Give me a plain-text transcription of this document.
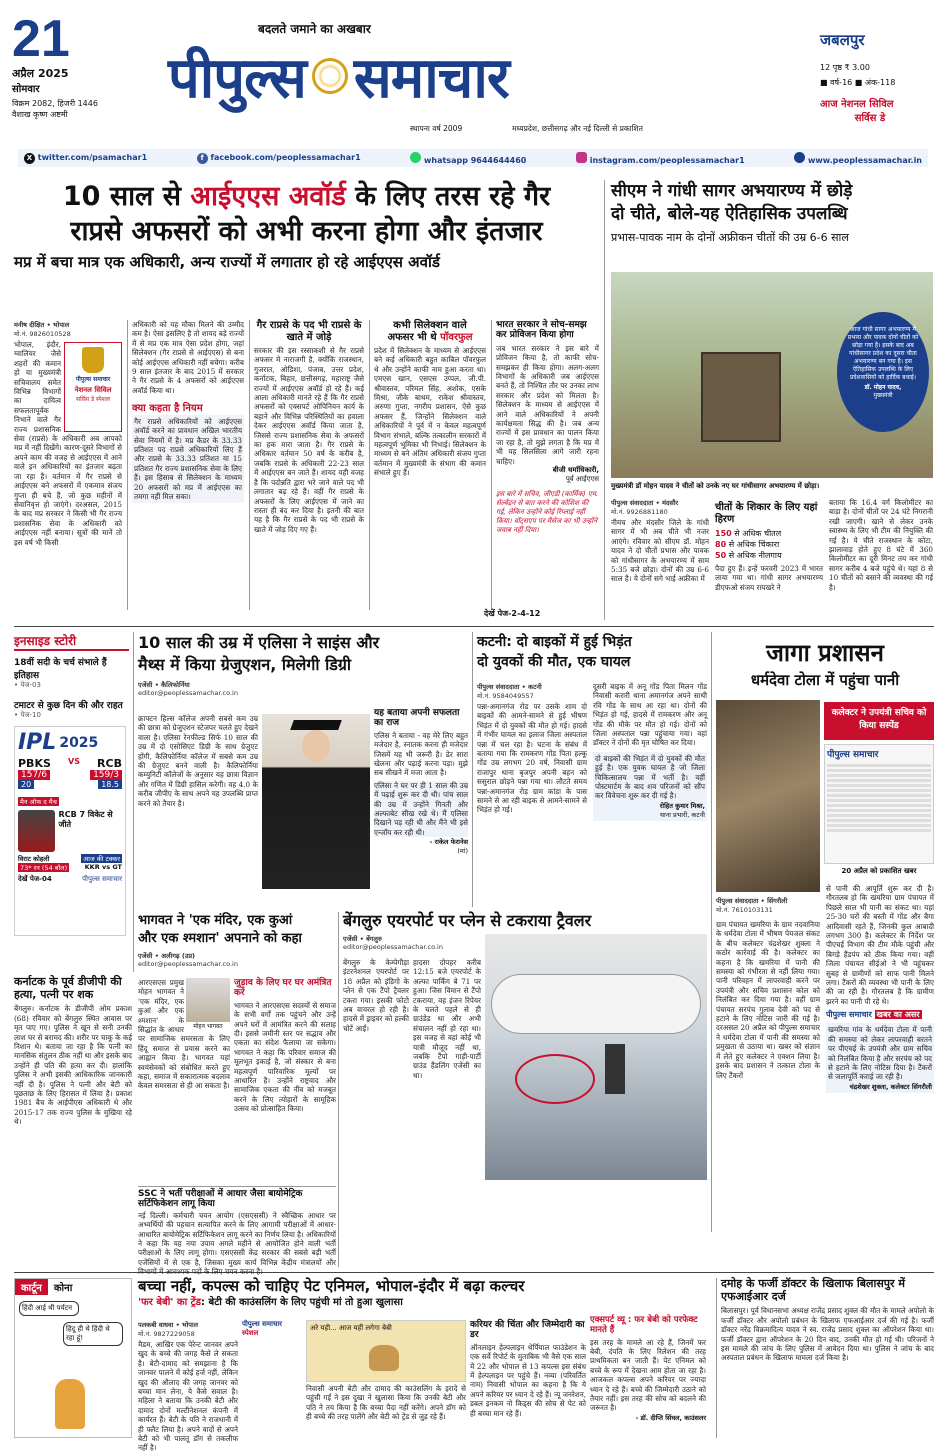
21
अप्रैल 2025
सोमवार
विक्रम 2082, हिजरी 1446
वैशाख कृष्ण अष्टमी
बदलते जमाने का अखबार
पीपुल्स समाचार
स्थापना वर्ष 2009	मध्यप्रदेश, छत्तीसगढ़ और नई दिल्ली से प्रकाशित
जबलपुर
12 पृष्ठ ₹ 3.00
■ वर्ष-16 ■ अंक-118
आज नेशनल सिविल
सर्विस डे
X twitter.com/psamachar1	f facebook.com/peoplessamachar1	whatsapp 9644644460	instagram.com/peoplessamachar1	www.peoplessamachar.in
10 साल से आईएएस अवॉर्ड के लिए तरस रहे गैर
राप्रसे अफसरों को अभी करना होगा और इंतजार
मप्र में बचा मात्र एक अधिकारी, अन्य राज्यों में लगातार हो रहे आईएएस अवॉर्ड
मनीष दीक्षित • भोपाल
मो.नं. 9826010528
पीपुल्स समाचार
नेशनल सिविल
सर्विस डे स्पेशल
भोपाल, इंदौर, ग्वालियर जैसे शहरों की कमान हो या मुख्यमंत्री सचिवालय समेत विभिन्न विभागों का दायित्व सफलतापूर्वक निभाने वाले गैर राज्य प्रशासनिक सेवा (राप्रसे) के अधिकारी अब आपको मप्र में नहीं दिखेंगे। कारण-दूसरे विभागों से अपने काम की वजह से आईएएस में आने वाले इन अधिकारियों का इंतजार बढ़ता जा रहा है। वर्तमान में गैर राप्रसे से आईएएस बने अफसरों में एकमात्र संजय गुप्ता ही बचे हैं, जो कुछ महीनों में सेवानिवृत्त हो जाएंगे। दरअसल, 2015 के बाद मप्र सरकार ने किसी भी गैर राज्य प्रशासनिक सेवा के अधिकारी को आईएएस नहीं बनाया। सूत्रों की मानें तो इस वर्ष भी किसी
अधिकारी को यह मौका मिलने की उम्मीद कम है। ऐसा इसलिए है तो शायद बड़े राज्यों में से मप्र एक मात्र ऐसा प्रदेश होगा, जहां सिलेक्शन (गैर राप्रसे से आईएएस) से बना कोई आईएएस अधिकारी नहीं बचेगा। करीब 9 साल इंतजार के बाद 2015 में सरकार ने गैर राप्रसे के 4 अफसरों को आईएएस अवॉर्ड किया था।
क्या कहता है नियम
गैर राप्रसे अधिकारियों को आईएएस अवॉर्ड करने का प्रावधान अखिल भारतीय सेवा नियमों में है। मप्र कैडर के 33.33 प्रतिशत पद राप्रसे अधिकारियों लिए हैं और राप्रसे के 33.33 प्रतिशत या 15 प्रतिशत गैर राज्य प्रशासनिक सेवा के लिए हैं। इस हिसाब से सिलेक्शन के माध्यम 20 अफसरों को मप्र में आईएएस का तमगा नहीं मिल सका।
गैर राप्रसे के पद भी राप्रसे के खाते में जोड़े
सरकार की इस रस्साकशी से गैर राप्रसे अफसर मे नाराजगी है, क्योंकि राजस्थान, गुजरात, ओडिशा, पंजाब, उत्तर प्रदेश, कर्नाटक, बिहार, छत्तीसगढ़, महाराष्ट्र जैसे राज्यों में आईएएस अवॉर्ड हो रहे हैं। कई आला अधिकारी मानते रहे हैं कि गैर राप्रसे अफसरों को एक्सपर्ट ओपिनियन कार्य के बहाने और विभिन्न परिस्थितियों का हवाला देकर आईएएस अवॉर्ड किया जाता है, जिससे राज्य प्रशासनिक सेवा के अफसरों का हक मारा जाता है। गैर राप्रसे के अधिकार वर्तमान 50 वर्ष के करीब है, जबकि राप्रसे के अधिकारी 22-23 साल में आईएएस बन जाते हैं। शायद यही वजह है कि पदोन्नति द्वारा भरे जाने वाले पद भी लगातार बढ़ रहे हैं। वहीं गैर राप्रसे के अफसरों के लिए आईएएस में जाने का रास्ता ही बंद कर दिया है। इतनी की बात यह है कि गैर राप्रसे के पद भी राप्रसे के खाते में जोड़ दिए गए हैं।
कभी सिलेक्शन वाले
अफसर भी थे पॉवरफुल
प्रदेश में सिलेक्शन के माध्यम से आईएएस बने कई अधिकारी बहुत काबिल पॉवरफुल थे और उन्होंने काफी नाम हुआ करता था। एमएस खान, एसएस उप्पल, जी.पी. श्रीवास्तव, परिमल सिंह, अशोक, एसके मिश्रा, जीके बाथम, राकेश श्रीवास्तव, अरुणा गुप्ता, नगरीय प्रशासन, ऐसे कुछ अफसर हैं, जिन्होंने सिलेक्शन वाले अधिकारियों ने पूर्व में न केवल महत्वपूर्ण विभाग संभाले, बल्कि तत्कालीन सरकारों में महत्वपूर्ण भूमिका भी निभाई। सिलेक्शन के माध्यम से बने अंतिम अधिकारी संजय गुप्ता वर्तमान में मुख्यमंत्री के संभाग की कमान संभाले हुए हैं।
भारत सरकार ने सोच-समझ कर प्रोविजन किया होगा
जब भारत सरकार ने इस बारे में प्रोविजन किया है, तो काफी सोच-समझकर ही किया होगा। अलग-अलग विभागों के अधिकारी जब आईएएस बनते हैं, तो निश्चित तौर पर उनका लाभ सरकार और प्रदेश को मिलता है। सिलेक्शन के माध्यम से आईएएस में आने वाले अधिकारियों ने अपनी कार्यक्षमता सिद्ध की है। जब अन्य राज्यों में इस प्रावधान का पालन किया जा रहा है, तो मुझे लगता है कि मप्र में भी यह सिलसिला आगे जारी रहना चाहिए।
बीजी धर्माधिकारी,
पूर्व आईएएस
इस बारे में सचिव, जीएडी (कार्मिक) एम. सेल्वेंद्रन से बात करने की कोशिश की गई, लेकिन उन्होंने कोई रिप्लाई नहीं किया। वॉट्सएप पर मैसेज का भी उन्होंने जवाब नहीं दिया।
देखें पेज-2-4-12
सीएम ने गांधी सागर अभयारण्य में छोड़े
दो चीते, बोले-यह ऐतिहासिक उपलब्धि
प्रभास-पावक नाम के दोनों अफ्रीकन चीतों की उम्र 6-6 साल
आज गांधी सागर अभयारण्य में प्रभास और पावक दोनों चीतों को छोड़ा गया है। इसके बाद अब गांधीसागर प्रदेश का दूसरा चीता अभयारण्य बन गया है। इस ऐतिहासिक उपलब्धि के लिए प्रदेशवासियों को हार्दिक बधाई।
डॉ. मोहन यादव,
मुख्यमंत्री
मुख्यमंत्री डॉ मोहन यादव ने चीतों को उनके नए घर गांधीसागर अभयारण्य में छोड़ा।
पीपुल्स संवाददाता • मंदसौर
मो.नं. 9926881180
नीमच और मंदसौर जिले के गांधी सागर में भी अब चीते भी नजर आएंगे। रविवार को सीएम डॉ. मोहन यादव ने दो चीतों प्रभास और पावक को गांधीसागर के अभयारण्य में साम 5:35 बजे छोड़ा। दोनों की उम्र 6-6 साल है। ये दोनों सगे भाई अफ्रीका में
चीतों के शिकार के लिए यहां हिरण
150 से अधिक चीतल
80 से अधिक चिंकारा
50 से अधिक नीलगाय
पैदा हुए हैं। इन्हें फरवरी 2023 में भारत लाया गया था। गांधी सागर अभयारण्य डीएफओ संजय रायखरे ने
बताया कि 16.4 वर्ग किलोमीटर का बाड़ा है। दोनों चीतों पर 24 घंटे निगरानी रखी जाएगी। खाने से लेकर उनके स्वास्थ्य के लिए भी टीम की नियुक्ति की गई है। ये चीते राजस्थान के कोटा, झालावाड़ होते हुए 8 घंटे में 360 किलोमीटर का दूरी मिनट तय कर गांधी सागर करीब 4 बजे पहुंचे थे। यहां 8 से 10 चीतों को बसाने की व्यवस्था की गई है।
इनसाइड स्टोरी
18वीं सदी के चर्च संभाले हैं इतिहास
• पेज-03
टमाटर से कुछ दिन की और राहत
• पेज-10
IPL 2025
PBKS VS RCB
157/6	159/3
20	18.5
मैन ऑफ द मैच
RCB 7 विकेट से जीते
विराट कोहली	आज की टक्कर
73* रन (54 बॉल)	KKR vs GT
देखें पेज-04	पीपुल्स समाचार
10 साल की उम्र में एलिसा ने साइंस और
मैथ्स में किया ग्रेजुएशन, मिलेगी डिग्री
एजेंसी • कैलिफोर्निया
editor@peoplessamachar.co.in
क्राफ्टन हिल्स कॉलेज अपनी सबसे कम उम्र की छात्रा को ग्रेजुएशन स्टेजपर चलते हुए देखने वाला है। एलिसा रेनफील्ड सिर्फ 10 साल की उम्र में दो एसोसिएट डिग्री के साथ ग्रेजुएट होंगी, कैलिफोर्निया कॉलेज में सबसे कम उम्र की ग्रेजुएट बनने वाली है। कैलिफोर्निया कम्युनिटी कॉलेजों के अनुसार यह छात्रा विज्ञान और गणित में डिग्री हासिल करेगी। वह 4.0 के करीब जीपीए के साथ अपने यह उपलब्धि प्राप्त करने को तैयार है।
यह बताया अपनी सफलता का राज
एलिस ने बताया - वह मेरे लिए बहुत मजेदार है, स्नातक करना ही मजेदार जिसमें यह भी जरूरी है। ढेर सारा खेलना और पढ़ाई करना पड़ा। मुझे सब सीखने में मजा आता है।
एलिसा ने घर पर ही 1 साल की उम्र में पढ़ाई शुरू कर दी थी। पांच साल की उम्र में उन्होंने गिनती और अल्फाबेट सीख रखे थे। मैं एलिसा दिखाने पड़ रही थी और मैंने भी इसे एन्जॉय कर रही थी।
- राकेल फेरानेस
(मां)
कटनी: दो बाइकों में हुई भिड़ंत
दो युवकों की मौत, एक घायल
पीपुल्स संवाददाता • कटनी
मो.नं. 9584049557
पन्ना-अमानगंज रोड पर उसके शाम दो बाइकों की आमने-सामने से हुई भीषण भिड़ंत में दो युवकों की मौत हो गई। हादसे में गंभीर घायल का इलाज जिला अस्पताल पन्ना में चल रहा है। घटना के संबंध में बताया गया कि रामकरण गोंड पिता हल्कू गोंड उम्र लगभग 20 वर्ष, निवासी ग्राम राजापुर थाना बृजपुर अपनी बहन को ससुराल छोड़ने पन्ना गया था। लौटते समय पन्ना-अमानगंज रोड़ ग्राम कांडा के पास सामने से आ रही बाइक से आमने-सामने से भिड़ंत हो गई।
दूसरी बाइक में अनू गोंड पिता मिलन गोंड निवासी करारी थाना अमानगंज अपने साथी रवि गोंड के साथ आ रहा था। दोनों की भिड़ंत हो गई, हादसे में रामकरण और अनू गोंड की मौके पर मौत हो गई। दोनों को जिला अस्पताल पन्ना पहुंचाया गया। वहां डॉक्टर ने दोनों की मृत घोषित कर दिया।
दो बाइकों की भिड़ंत में दो युवकों की मौत हुई है। एक युवक घायल है जो जिला चिकित्सालय पन्ना में भर्ती है। वहीं पोस्टमार्टम के बाद शव परिजनों को सौंप कर विवेचना शुरू कर दी गई है।
रोहित कुमार मिश्रा,
थाना प्रभारी, कटनी
जागा प्रशासन
धर्मदेवा टोला में पहुंचा पानी
कलेक्टर ने उपयंत्री सचिव को किया सस्पेंड
पीपुल्स समाचार
20 अप्रैल को प्रकाशित खबर
पीपुल्स संवाददाता • सिंगरौली
मो.नं. 7610103131
ग्राम पंचायत खमरिया के ग्राम नदवानिया के धर्मदेवा टोला में भीषण पेयजल संकट के बीच कलेक्टर चंद्रशेखर शुक्ला ने कठोर कार्रवाई की है। कलेक्टर का कहना है कि खमरिया में पानी की समस्या को गंभीरता से नहीं लिया गया। पानी परिवहन में लापरवाही करने पर उपयंत्री और सचिव प्रशासन कोल को निलंबित कर दिया गया है। वहीं ग्राम पंचायत सरपंच गुलाब देवी को पद से हटाने के लिए नोटिस जारी की गई है। दरअसल 20 अप्रैल को पीपुल्स समाचार ने धर्मदेवा टोला में पानी की समस्या को प्रमुखता से उठाया था। खबर को संज्ञान में लेते हुए कलेक्टर ने एक्शन लिया है। इसके बाद प्रशासन ने तत्काल टोला के लिए टैंकरों
से पानी की आपूर्ति शुरू कर दी है। गौरतलब हो कि खमरिया ग्राम पंचायत में पिछले साल भी पानी का संकट था। यहां 25-30 घरों की बस्ती में गोंड और बैगा आदिवासी रहते हैं, जिनकी कुल आबादी लगभग 300 है। कलेक्टर के निर्देश पर पीएचई विभाग की टीम मौके पहुंची और बिगड़े हैंडपंप को ठीक किया गया। वहीं जिला पंचायत सीईओ ने भी पहुंचकर सुबह से ग्रामीणों को साफ पानी मिलने लगा। टैंकरों की व्यवस्था भी पानी के लिए की जा रही है। गौरतलब है कि ग्रामीण झरने का पानी पी रहे थे।
पीपुल्स समाचार खबर का असर
खमरिया गांव के धर्मदेवा टोला में पानी की समस्या को लेकर लापरवाही बरतने पर पीएचई के उपयंत्री और ग्राम सचिव को निलंबित किया है और सरपंच को पद से हटाने के लिए नोटिस दिया है। टैंकरों से जलापूर्ति कराई जा रही है।
चंद्रशेखर शुक्ला, कलेक्टर सिंगरौली
कर्नाटक के पूर्व डीजीपी की हत्या, पत्नी पर शक
बेंगलुरु। कर्नाटक के डीजीपी ओम प्रकाश (68) रविवार को बेंगलुरु स्थित आवास पर मृत पाए गए। पुलिस ने खून से सनी उनकी लाश घर से बरामद की। शरीर पर चाकू के कई निशान थे। बताया जा रहा है कि पत्नी का मानसिक संतुलन ठीक नहीं था और इसके बाद उन्होंने ही पति की हत्या कर दी। हालांकि पुलिस ने अभी इसकी आधिकारिक जानकारी नहीं दी है। पुलिस ने पत्नी और बेटी को पूछताछ के लिए हिरासत में लिया है। प्रकाश 1981 बैच के आईपीएस अधिकारी थे और 2015-17 तक राज्य पुलिस के मुखिया रहे थे।
भागवत ने 'एक मंदिर, एक कुआं
और एक श्मशान' अपनाने को कहा
एजेंसी • अलीगढ़ (उप्र)
editor@peoplessamachar.co.in
मोहन भागवत
आरएसएस प्रमुख मोहन भागवत ने 'एक मंदिर, एक कुआं और एक श्मशान' के सिद्धांत के आधार पर सामाजिक समरसता के लिए हिंदू समाज से प्रयास करने का आह्वान किया है। भागवत यहां स्वयंसेवकों को संबोधित करते हुए कहा, समाज में सकारात्मक बदलाव केवल समरसता से ही आ सकता है।
जुड़ाव के लिए घर घर अमंत्रित करें
भागवत ने आरएसएस सदस्यों से समाज के सभी वर्गों तक पहुंचने और उन्हें अपने घरों में आमंत्रित करने की सलाह दी। इससे जमीनी स्तर पर सद्भाव और एकता का संदेश फैलाया जा सकेगा। भागवत ने कहा कि परिवार समाज की मूलभूत इकाई है, जो संस्कार से बना महत्वपूर्ण पारिवारिक मूल्यों पर आधारित है। उन्होंने राष्ट्रवाद और सामाजिक एकता की नींव को मजबूत करने के लिए त्योहारों के सामूहिक उत्सव को प्रोत्साहित किया।
बेंगलुरु एयरपोर्ट पर प्लेन से टकराया ट्रैवलर
एजेंसी • बेंगलुरु
editor@peoplessamachar.co.in
बेंगलुरु के केम्पेगौड़ा इंटरनेशनल एयरपोर्ट पर 18 अप्रैल को इंडिगो के प्लेन से एक टैंपो ट्रैवलर टकरा गया। इसकी फोटो अब वायरल हो रही है। हादसे में ड्राइवर को हल्की चोटें आईं।
हादसा दोपहर करीब 12:15 बजे एयरपोर्ट के अल्फा पार्किंग बे 71 पर हुआ। जिस विमान से टैंपो टकराया, वह इंजन रिपेयर के चलते पहले से ही ग्राउंडेड था और अभी संचालन नहीं हो रहा था। इस वजह से वहां कोई भी यात्री मौजूद नहीं था, जबकि टैंपो गाड़ी-पार्टी ग्राउंड हैंडलिंग एजेंसी का था।
कार्टून	कोना
हिंदी आई थी पर्यटन
हिंदू ही थे हिंदी थे रहा हूं!
बच्चा नहीं, कपल्स को चाहिए पेट एनिमल, भोपाल-इंदौर में बढ़ा कल्चर
'फर बेबी' का ट्रेंड: बेटी की काउंसलिंग के लिए पहुंची मां तो हुआ खुलासा
दमोह के फर्जी डॉक्टर के खिलाफ बिलासपुर में एफआईआर दर्ज
बिलासपुर। पूर्व विधानसभा अध्यक्ष राजेंद्र प्रसाद शुक्ल की मौत के मामले अपोलो के फर्जी डॉक्टर और अपोलो प्रबंधन के खिलाफ एफआईआर दर्ज की गई है। फर्जी डॉक्टर नरेंद्र विक्रमादित्य यादव ने स्व. राजेंद्र प्रसाद शुक्ल का ऑपरेशन किया था। फर्जी डॉक्टर द्वारा ऑपरेशन के 20 दिन बाद, उनकी मौत हो गई थी। परिजनों ने इस मामले की जांच के लिए पुलिस में आवेदन दिया था। पुलिस ने जांच के बाद अस्पताल प्रबंधन के खिलाफ मामला दर्ज किया है।
SSC ने भर्ती परीक्षाओं में आधार जैसा बायोमेट्रिक सर्टिफिकेशन लागू किया
नई दिल्ली। कर्मचारी चयन आयोग (एसएससी) ने स्वैच्छिक आधार पर अभ्यर्थियों की पहचान सत्यापित करने के लिए आगामी परीक्षाओं में आधार-आधारित बायोमेट्रिक सर्टिफिकेशन लागू करने का निर्णय लिया है। अधिकारियों ने कहा कि यह नया उपाय अगले महीने से आयोजित होने वाली भर्ती परीक्षाओं के लिए लागू होगा। एसएससी केंद्र सरकार की सबसे बड़ी भर्ती एजेंसियों में से एक है, जिसका मुख्य कार्य विभिन्न केंद्रीय मंत्रालयों और विभागों में आवश्यक पदों के लिए चयन करना है।
पलकबी वाधवा • भोपाल
मो.नं. 9827229058
मैडम, आखिर एक पेरेन्ट जानवर अपने खुद के बच्चे की जगह कैसे ले सकता है। बेटी-दामाद को समझाना है कि जानवर पालने में कोई हर्ज नहीं, लेकिन खुद की औलाद की जगह जानवर को बच्चा मान लेना, ये कैसे सवाल है। महिला ने बताया कि उनकी बेटी और दामाद दोनों मल्टीनेशनल कंपनी में कार्यरत हैं। बेटी के पति ने राजधानी में ही फ्लैट लिया है। अपने वादों से अपने बेटी को भी पालतू डॉग से तकलीफ नहीं है।
पीपुल्स समाचार
स्पेशल
अरे यही... आज यहीं लगेगा बेबी
निवासी अपनी बेटी और दामाद की काउंसलिंग के इरादे से पहुंची गईं ने इस दुखा ने खुलासा किया कि उनकी बेटी और पति ने तय किया है कि बच्चा पैदा नहीं करेंगे। अपने डॉग को ही बच्चे की तरह पालेंगे और बेटी को ट्रेंड से जुड़ रहे हैं।
करियर की चिंता और जिम्मेदारी का डर
ऑनलाइन हेल्पलाइन थेर्पियाल फाउंडेशन के एक सर्वे रिपोर्ट के मुताबिक भी वैसे एक साल में 22 और भोपाल से 13 कपल्स इस संबंध में हेल्पलाइन पर पहुंचे हैं। नव्या (परिवर्तित नाम) निवासी भोपाल का कहना है कि ये अपने करियर पर ध्यान दे रहे हैं। न्यू जनरेशन, डबल इनकम नो किड्स की सोच से पेट को ही बच्चा मान रहे हैं।
एक्सपर्ट व्यू : फर बेबी को परफेक्ट मानते हैं
इस तरह के मामले आ रहे हैं, जिनमें फर बेबी, दंपति के लिए रिलेशन की तरह प्राथमिकता बन जाती हैं। पेट एनिमल को बच्चे के रूप में देखना आम होता जा रहा है। आजकल कपल्स अपने करियर पर ज्यादा ध्यान दे रहे हैं। बच्चे की जिम्मेदारी उठाने को तैयार नहीं। इस तरह की सोच को बदलने की जरूरत है।
- डॉ. दीप्ति सिंघल, काउंसलर
